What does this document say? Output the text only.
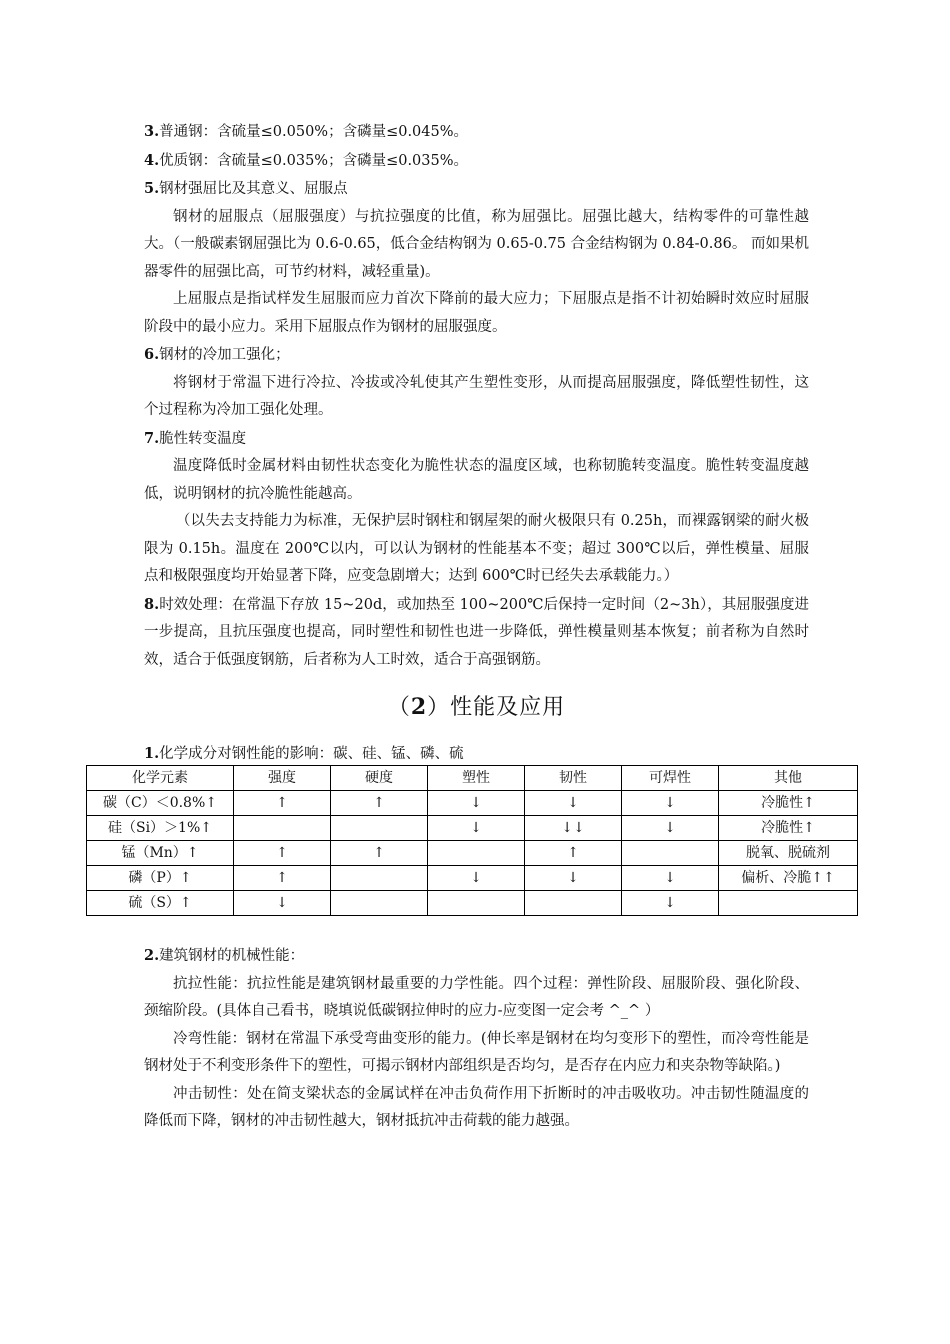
3.普通钢：含硫量≤0.050%；含磷量≤0.045%。
4.优质钢：含硫量≤0.035%；含磷量≤0.035%。
5.钢材强屈比及其意义、屈服点

钢材的屈服点（屈服强度）与抗拉强度的比值，称为屈强比。屈强比越大，结构零件的可靠性越大。（一般碳素钢屈强比为 0.6-0.65，低合金结构钢为 0.65-0.75 合金结构钢为 0.84-0.86。 而如果机器零件的屈强比高，可节约材料，减轻重量)。

上屈服点是指试样发生屈服而应力首次下降前的最大应力；下屈服点是指不计初始瞬时效应时屈服阶段中的最小应力。采用下屈服点作为钢材的屈服强度。

6.钢材的冷加工强化；

将钢材于常温下进行冷拉、冷拔或冷轧使其产生塑性变形，从而提高屈服强度，降低塑性韧性，这个过程称为冷加工强化处理。

7.脆性转变温度

温度降低时金属材料由韧性状态变化为脆性状态的温度区域，也称韧脆转变温度。脆性转变温度越低，说明钢材的抗冷脆性能越高。

（以失去支持能力为标准，无保护层时钢柱和钢屋架的耐火极限只有 0.25h，而裸露钢梁的耐火极限为 0.15h。温度在 200℃以内，可以认为钢材的性能基本不变；超过 300℃以后，弹性模量、屈服点和极限强度均开始显著下降，应变急剧增大；达到 600℃时已经失去承载能力。）

8.时效处理：在常温下存放 15~20d，或加热至 100~200℃后保持一定时间（2~3h），其屈服强度进一步提高，且抗压强度也提高，同时塑性和韧性也进一步降低，弹性模量则基本恢复；前者称为自然时效，适合于低强度钢筋，后者称为人工时效，适合于高强钢筋。

（2）性能及应用
1.化学成分对钢性能的影响：碳、硅、锰、磷、硫
化学元素	强度	硬度	塑性	韧性	可焊性	其他
碳（C）＜0.8%↑	↑	↑	↓	↓	↓	冷脆性↑
硅（Si）＞1%↑			↓	↓↓	↓	冷脆性↑
锰（Mn）↑	↑	↑		↑		脱氧、脱硫剂
磷（P）↑	↑		↓	↓	↓	偏析、冷脆↑↑
硫（S）↑	↓				↓	
2.建筑钢材的机械性能：

抗拉性能：抗拉性能是建筑钢材最重要的力学性能。四个过程：弹性阶段、屈服阶段、强化阶段、颈缩阶段。(具体自己看书，晓填说低碳钢拉伸时的应力-应变图一定会考 ^_^ ）

冷弯性能：钢材在常温下承受弯曲变形的能力。(伸长率是钢材在均匀变形下的塑性，而冷弯性能是钢材处于不利变形条件下的塑性，可揭示钢材内部组织是否均匀，是否存在内应力和夹杂物等缺陷。)

冲击韧性：处在简支梁状态的金属试样在冲击负荷作用下折断时的冲击吸收功。冲击韧性随温度的降低而下降，钢材的冲击韧性越大，钢材抵抗冲击荷载的能力越强。
